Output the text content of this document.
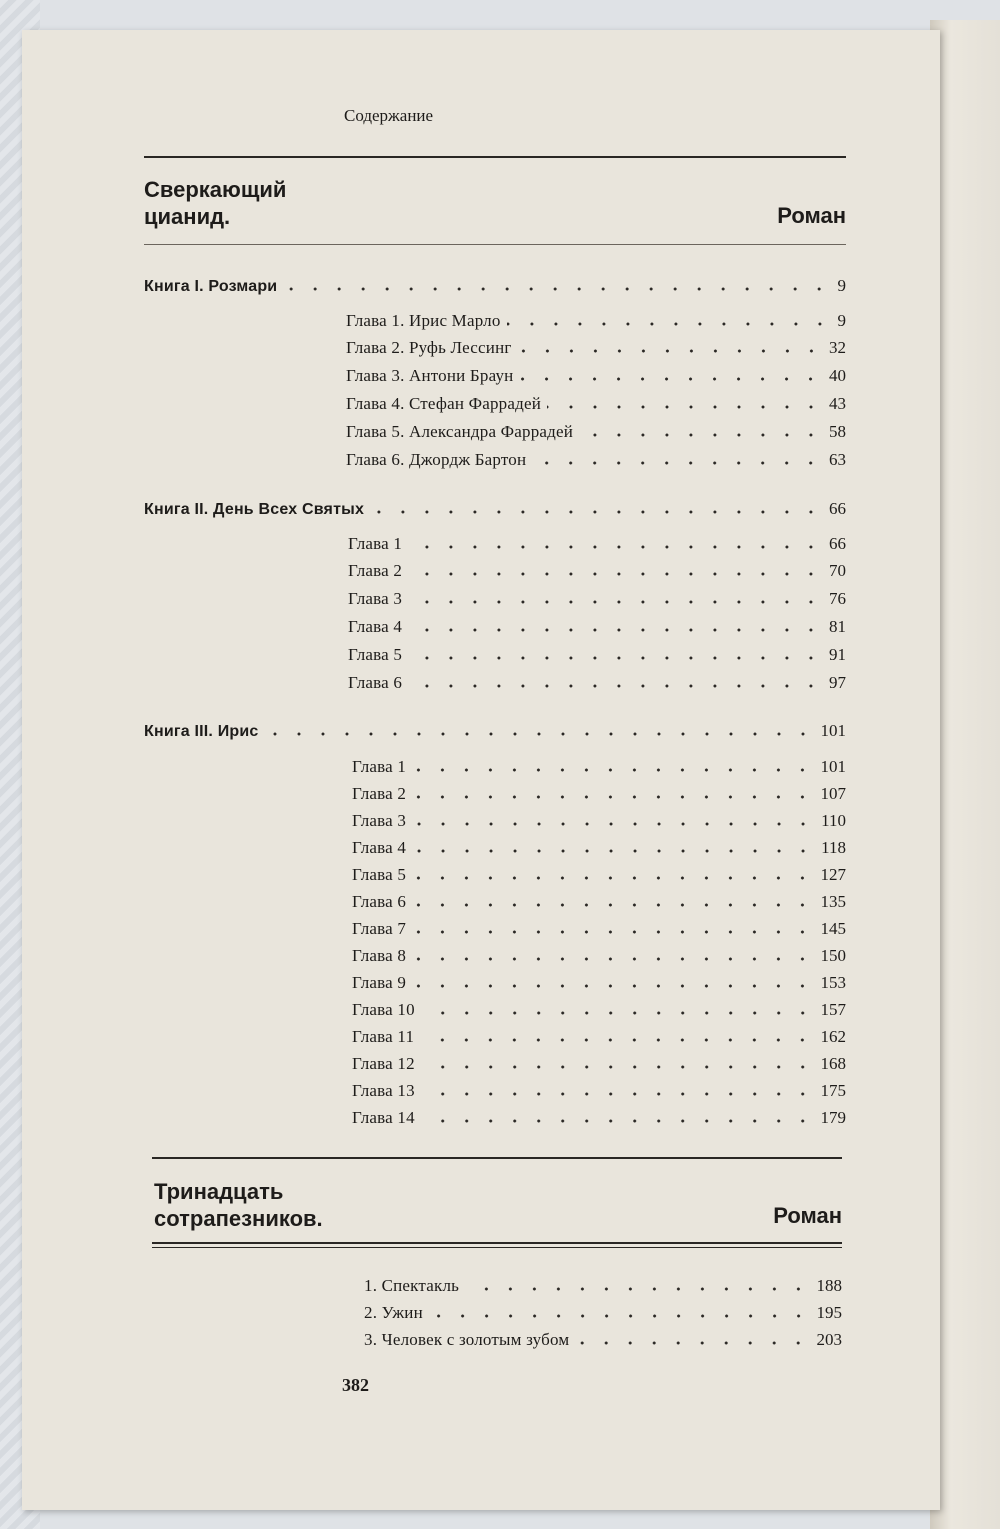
Содержание
Сверкающий
цианид.	Роман
Книга I. Розмари	9
Глава 1. Ирис Марло	9
Глава 2. Руфь Лессинг	32
Глава 3. Антони Браун	40
Глава 4. Стефан Фаррадей	43
Глава 5. Александра Фаррадей	58
Глава 6. Джордж Бартон	63
Книга II. День Всех Святых	66
Глава 1	66
Глава 2	70
Глава 3	76
Глава 4	81
Глава 5	91
Глава 6	97
Книга III. Ирис	101
Глава 1	101
Глава 2	107
Глава 3	110
Глава 4	118
Глава 5	127
Глава 6	135
Глава 7	145
Глава 8	150
Глава 9	153
Глава 10	157
Глава 11	162
Глава 12	168
Глава 13	175
Глава 14	179
Тринадцать
сотрапезников.	Роман
1. Спектакль	188
2. Ужин	195
3. Человек с золотым зубом	203
382
